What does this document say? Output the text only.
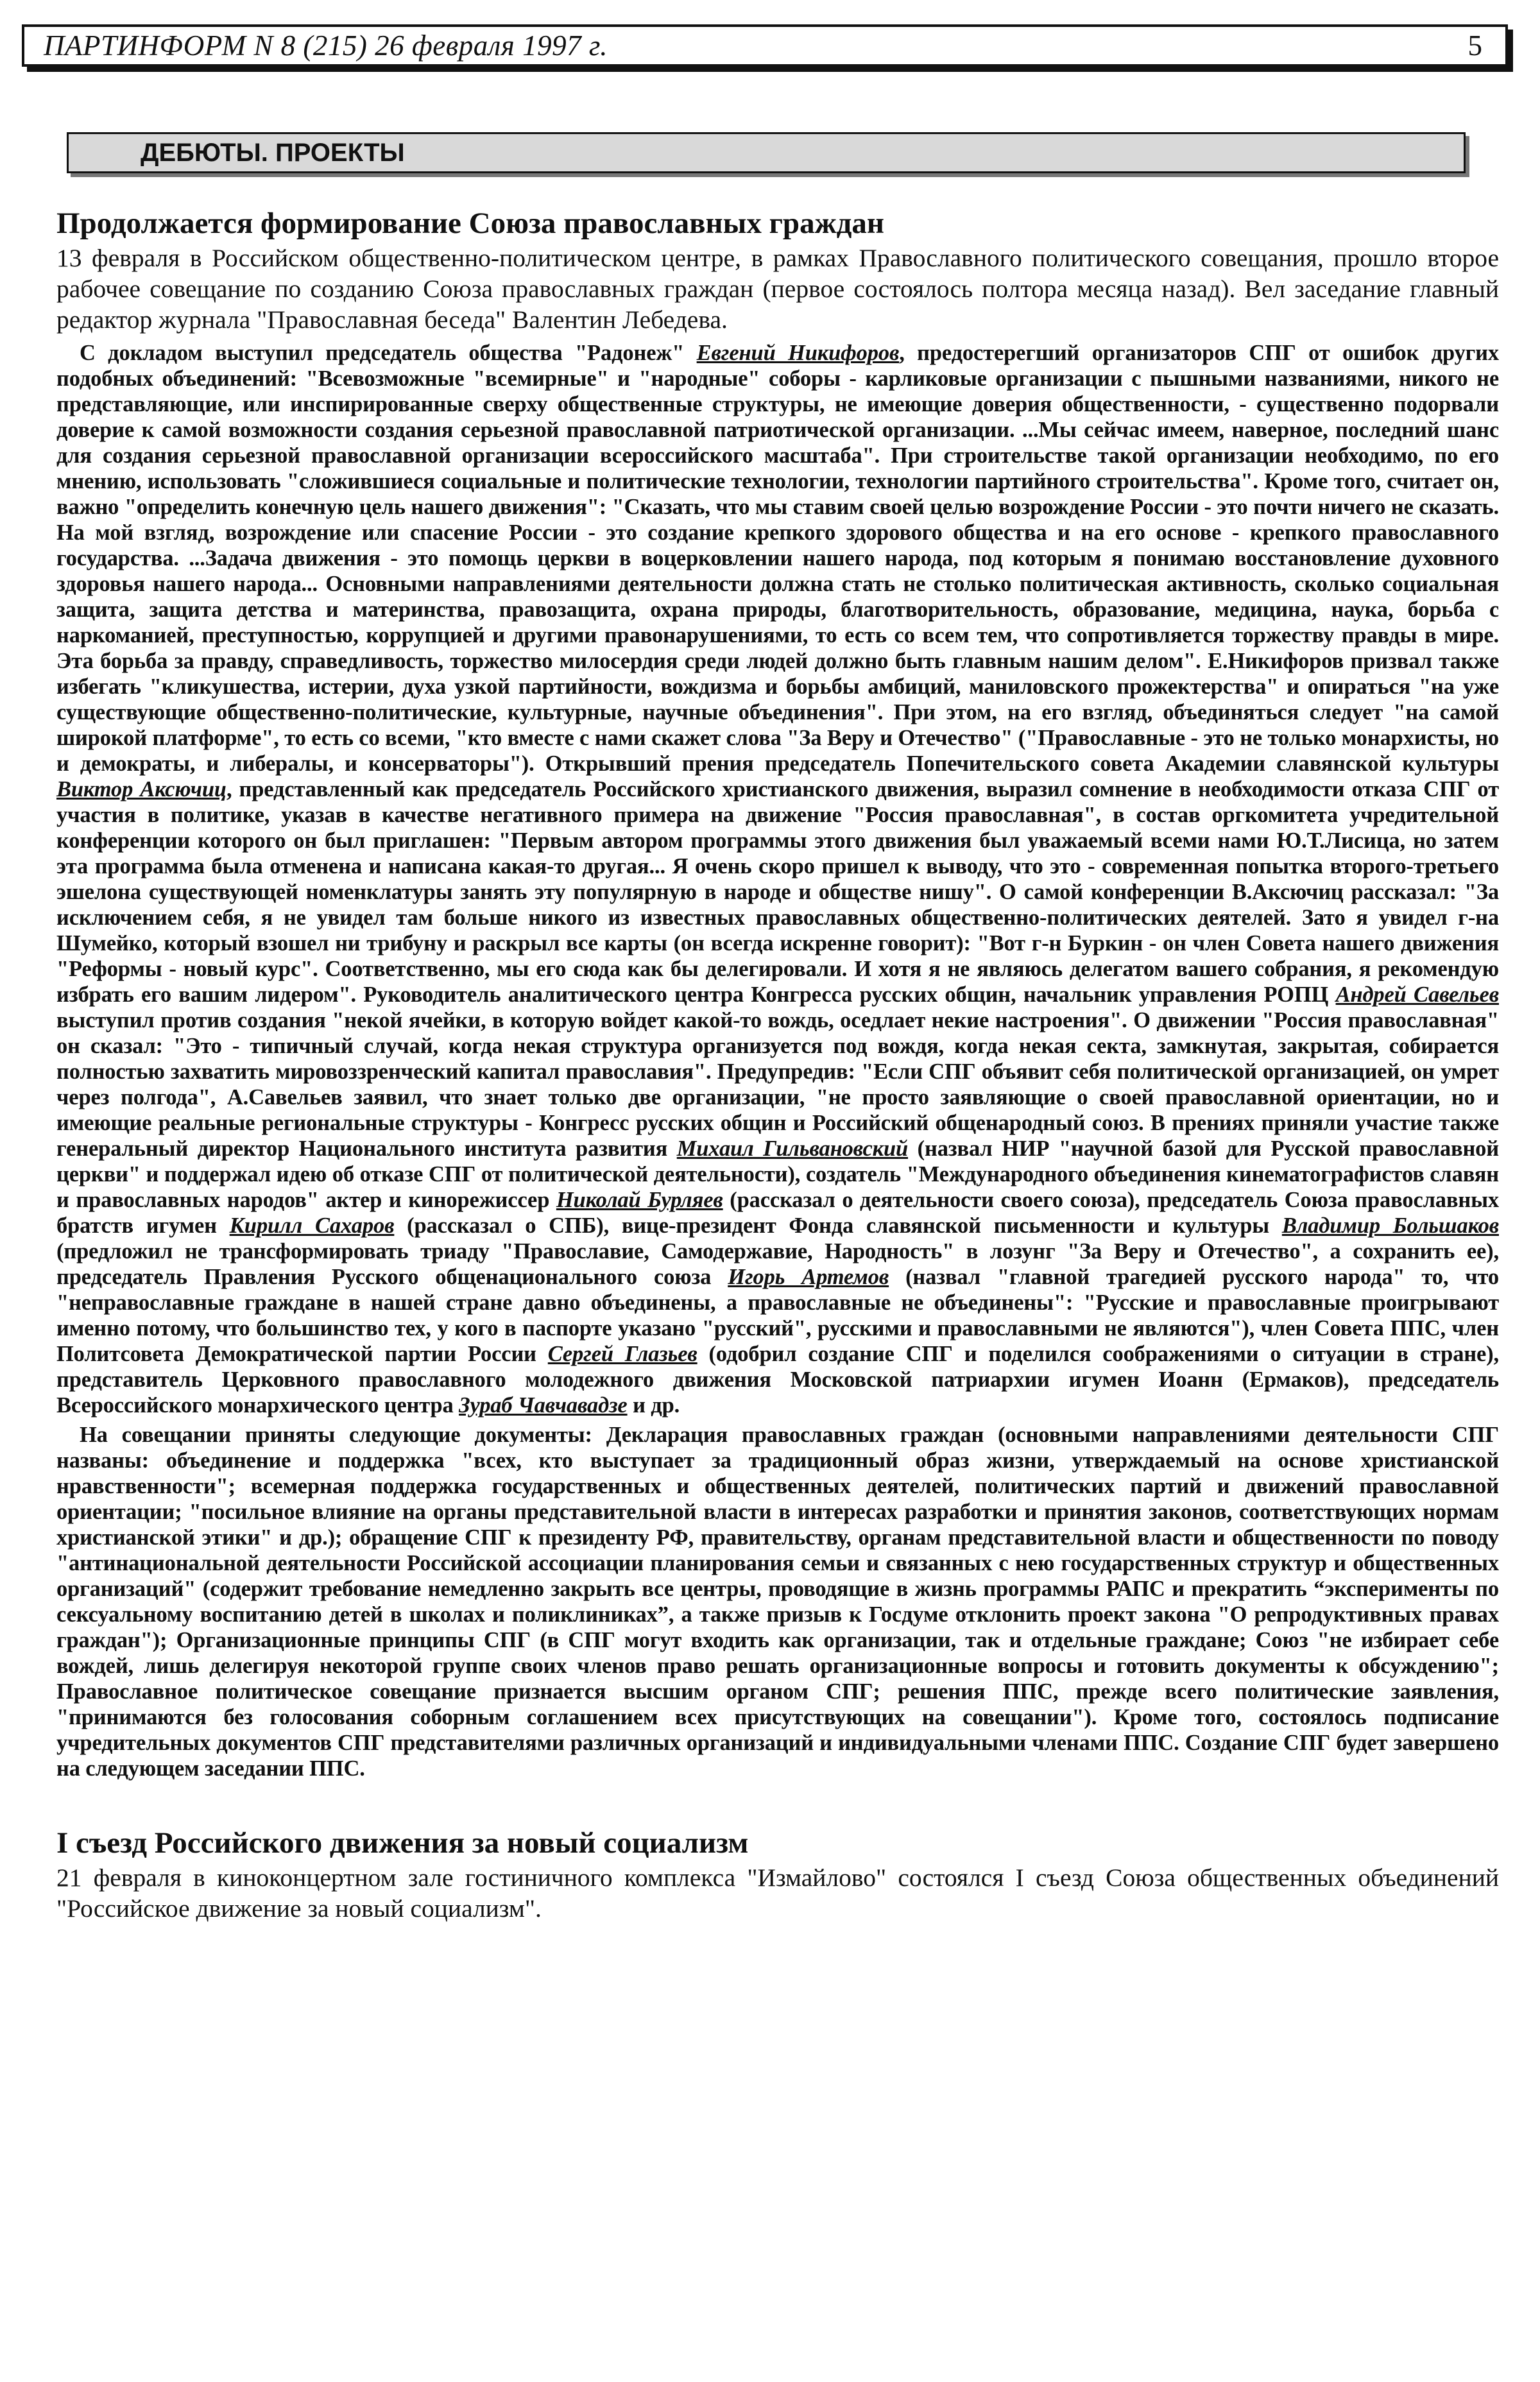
ПАРТИНФОРМ N 8 (215) 26 февраля 1997 г.	5
ДЕБЮТЫ. ПРОЕКТЫ
Продолжается формирование Союза православных граждан

13 февраля в Российском общественно-политическом центре, в рамках Православного политического совещания, прошло второе рабочее совещание по созданию Союза православных граждан (первое состоялось полтора месяца назад). Вел заседание главный редактор журнала "Православная беседа" Валентин Лебедева.

С докладом выступил председатель общества "Радонеж" Евгений Никифоров, предостерегший организаторов СПГ от ошибок других подобных объединений: "Всевозможные "всемирные" и "народные" соборы - карликовые организации с пышными названиями, никого не представляющие, или инспирированные сверху общественные структуры, не имеющие доверия общественности, - существенно подорвали доверие к самой возможности создания серьезной православной патриотической организации. ...Мы сейчас имеем, наверное, последний шанс для создания серьезной православной организации всероссийского масштаба". При строительстве такой организации необходимо, по его мнению, использовать "сложившиеся социальные и политические технологии, технологии партийного строительства". Кроме того, считает он, важно "определить конечную цель нашего движения": "Сказать, что мы ставим своей целью возрождение России - это почти ничего не сказать. На мой взгляд, возрождение или спасение России - это создание крепкого здорового общества и на его основе - крепкого православного государства. ...Задача движения - это помощь церкви в воцерковлении нашего народа, под которым я понимаю восстановление духовного здоровья нашего народа... Основными направлениями деятельности должна стать не столько политическая активность, сколько социальная защита, защита детства и материнства, правозащита, охрана природы, благотворительность, образование, медицина, наука, борьба с наркоманией, преступностью, коррупцией и другими правонарушениями, то есть со всем тем, что сопротивляется торжеству правды в мире. Эта борьба за правду, справедливость, торжество милосердия среди людей должно быть главным нашим делом". Е.Никифоров призвал также избегать "кликушества, истерии, духа узкой партийности, вождизма и борьбы амбиций, маниловского прожектерства" и опираться "на уже существующие общественно-политические, культурные, научные объединения". При этом, на его взгляд, объединяться следует "на самой широкой платформе", то есть со всеми, "кто вместе с нами скажет слова "За Веру и Отечество" ("Православные - это не только монархисты, но и демократы, и либералы, и консерваторы"). Открывший прения председатель Попечительского совета Академии славянской культуры Виктор Аксючиц, представленный как председатель Российского христианского движения, выразил сомнение в необходимости отказа СПГ от участия в политике, указав в качестве негативного примера на движение "Россия православная", в состав оргкомитета учредительной конференции которого он был приглашен: "Первым автором программы этого движения был уважаемый всеми нами Ю.Т.Лисица, но затем эта программа была отменена и написана какая-то другая... Я очень скоро пришел к выводу, что это - современная попытка второго-третьего эшелона существующей номенклатуры занять эту популярную в народе и обществе нишу". О самой конференции В.Аксючиц рассказал: "За исключением себя, я не увидел там больше никого из известных православных общественно-политических деятелей. Зато я увидел г-на Шумейко, который взошел ни трибуну и раскрыл все карты (он всегда искренне говорит): "Вот г-н Буркин - он член Совета нашего движения "Реформы - новый курс". Соответственно, мы его сюда как бы делегировали. И хотя я не являюсь делегатом вашего собрания, я рекомендую избрать его вашим лидером". Руководитель аналитического центра Конгресса русских общин, начальник управления РОПЦ Андрей Савельев выступил против создания "некой ячейки, в которую войдет какой-то вождь, оседлает некие настроения". О движении "Россия православная" он сказал: "Это - типичный случай, когда некая структура организуется под вождя, когда некая секта, замкнутая, закрытая, собирается полностью захватить мировоззренческий капитал православия". Предупредив: "Если СПГ объявит себя политической организацией, он умрет через полгода", А.Савельев заявил, что знает только две организации, "не просто заявляющие о своей православной ориентации, но и имеющие реальные региональные структуры - Конгресс русских общин и Российский общенародный союз. В прениях приняли участие также генеральный директор Национального института развития Михаил Гильвановский (назвал НИР "научной базой для Русской православной церкви" и поддержал идею об отказе СПГ от политической деятельности), создатель "Международного объединения кинематографистов славян и православных народов" актер и кинорежиссер Николай Бурляев (рассказал о деятельности своего союза), председатель Союза православных братств игумен Кирилл Сахаров (рассказал о СПБ), вице-президент Фонда славянской письменности и культуры Владимир Большаков (предложил не трансформировать триаду "Православие, Самодержавие, Народность" в лозунг "За Веру и Отечество", а сохранить ее), председатель Правления Русского общенационального союза Игорь Артемов (назвал "главной трагедией русского народа" то, что "неправославные граждане в нашей стране давно объединены, а православные не объединены": "Русские и православные проигрывают именно потому, что большинство тех, у кого в паспорте указано "русский", русскими и православными не являются"), член Совета ППС, член Политсовета Демократической партии России Сергей Глазьев (одобрил создание СПГ и поделился соображениями о ситуации в стране), представитель Церковного православного молодежного движения Московской патриархии игумен Иоанн (Ермаков), председатель Всероссийского монархического центра Зураб Чавчавадзе и др.

На совещании приняты следующие документы: Декларация православных граждан (основными направлениями деятельности СПГ названы: объединение и поддержка "всех, кто выступает за традиционный образ жизни, утверждаемый на основе христианской нравственности"; всемерная поддержка государственных и общественных деятелей, политических партий и движений православной ориентации; "посильное влияние на органы представительной власти в интересах разработки и принятия законов, соответствующих нормам христианской этики" и др.); обращение СПГ к президенту РФ, правительству, органам представительной власти и общественности по поводу "антинациональной деятельности Российской ассоциации планирования семьи и связанных с нею государственных структур и общественных организаций" (содержит требование немедленно закрыть все центры, проводящие в жизнь программы РАПС и прекратить “эксперименты по сексуальному воспитанию детей в школах и поликлиниках”, а также призыв к Госдуме отклонить проект закона "О репродуктивных правах граждан"); Организационные принципы СПГ (в СПГ могут входить как организации, так и отдельные граждане; Союз "не избирает себе вождей, лишь делегируя некоторой группе своих членов право решать организационные вопросы и готовить документы к обсуждению"; Православное политическое совещание признается высшим органом СПГ; решения ППС, прежде всего политические заявления, "принимаются без голосования соборным соглашением всех присутствующих на совещании"). Кроме того, состоялось подписание учредительных документов СПГ представителями различных организаций и индивидуальными членами ППС. Создание СПГ будет завершено на следующем заседании ППС.

I съезд Российского движения за новый социализм

21 февраля в киноконцертном зале гостиничного комплекса "Измайлово" состоялся I съезд Союза общественных объединений "Российское движение за новый социализм".
